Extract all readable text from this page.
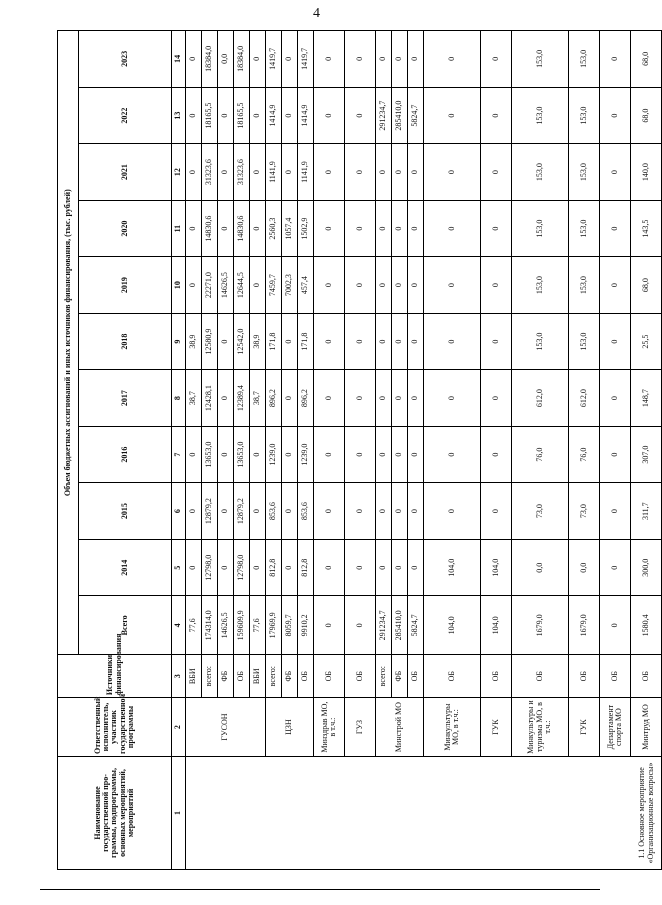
4
Наименование государственной про-граммы, подпрограммы, основных мероприятий, мероприятий	Ответственный исполнитель, участник государственной программы	Источники финансирования	Объем бюджетных ассигнований и иных источников финансирования, (тыс. рублей)										
			Всего	2014	2015	2016	2017	2018	2019	2020	2021	2022	2023
1	2	3	4	5	6	7	8	9	10	11	12	13	14
1.1 Основное мероприятие «Организационные вопросы»	ГУСОН	ВБИ	77,6	0	0	0	38,7	38,9	0	0	0	0	0
		всего:	174314,0	12798,0	12879,2	13653,0	12428,1	12580,9	22271,0	14830,6	31323,6	18165,5	18384,0
		ФБ	14626,5	0	0	0	0	0	14626,5	0	0	0	0,0
		ОБ	159609,9	12798,0	12879,2	13653,0	12389,4	12542,0	12644,5	14830,6	31323,6	18165,5	18384,0
		ВБИ	77,6	0	0	0	38,7	38,9	0	0	0	0	0
	ЦЗН	всего:	17969,9	812,8	853,6	1239,0	896,2	171,8	7459,7	2560,3	1141,9	1414,9	1419,7
		ФБ	8059,7	0	0	0	0	0	7002,3	1057,4	0	0	0
		ОБ	9910,2	812,8	853,6	1239,0	896,2	171,8	457,4	1502,9	1141,9	1414,9	1419,7
	Минздрав МО, в т.ч.:	ОБ	0	0	0	0	0	0	0	0	0	0	0
	ГУЗ	ОБ	0	0	0	0	0	0	0	0	0	0	0
	Минстрой МО	всего:	291234,7	0	0	0	0	0	0	0	0	291234,7	0
		ФБ	285410,0	0	0	0	0	0	0	0	0	285410,0	0
		ОБ	5824,7	0	0	0	0	0	0	0	0	5824,7	0
	Минкультуры МО, в т.ч.:	ОБ	104,0	104,0	0	0	0	0	0	0	0	0	0
	ГУК	ОБ	104,0	104,0	0	0	0	0	0	0	0	0	0
	Минкультуры и туризма МО, в т.ч.:	ОБ	1679,0	0,0	73,0	76,0	612,0	153,0	153,0	153,0	153,0	153,0	153,0
	ГУК	ОБ	1679,0	0,0	73,0	76,0	612,0	153,0	153,0	153,0	153,0	153,0	153,0
	Департамент спорта МО	ОБ	0	0	0	0	0	0	0	0	0	0	0
	Минтруд МО	ОБ	1580,4	300,0	311,7	307,0	148,7	25,5	68,0	143,5	140,0	68,0	68,0
